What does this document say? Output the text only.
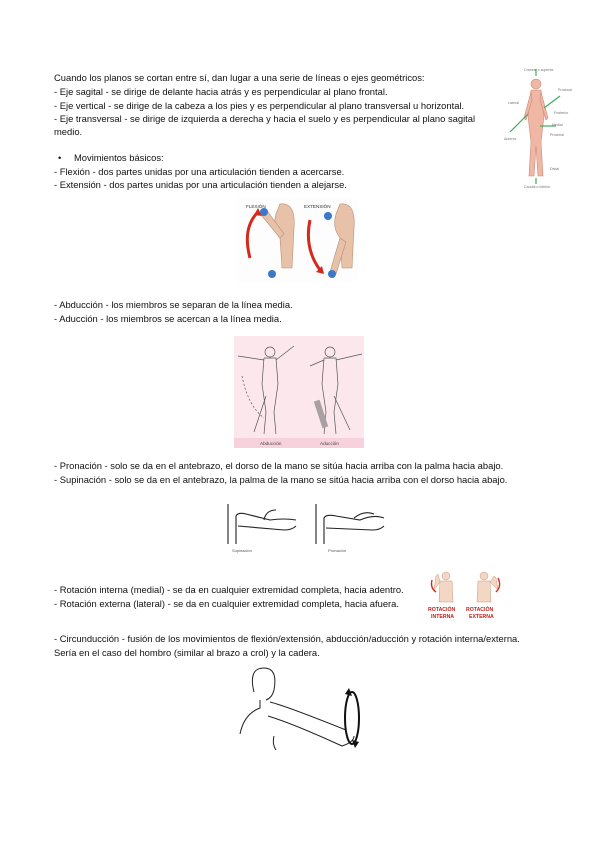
Cuando los planos se cortan entre sí, dan lugar a una serie de líneas o ejes geométricos:
- Eje sagital - se dirige de delante hacia atrás y es perpendicular al plano frontal.
- Eje vertical - se dirige de la cabeza a los pies y es perpendicular al plano transversal u horizontal.
- Eje transversal - se dirige de izquierda a derecha y hacia el suelo y es perpendicular al plano sagital
medio.
Craneal o superior
Proximal
Lateral
Medial
Posterior
Proximal
Anterior
Distal
Caudal o inferior
• Movimientos básicos:
- Flexión - dos partes unidas por una articulación tienden a acercarse.
- Extensión - dos partes unidas por una articulación tienden a alejarse.
FLEXIÓN	EXTENSIÓN
- Abducción - los miembros se separan de la línea media.
- Aducción - los miembros se acercan a la línea media.
Abducción	Aducción
- Pronación - solo se da en el antebrazo, el dorso de la mano se sitúa hacia arriba con la palma hacia abajo.
- Supinación - solo se da en el antebrazo, la palma de la mano se sitúa hacia arriba con el dorso hacia abajo.
Supinación	Pronación
- Rotación interna (medial) - se da en cualquier extremidad completa, hacia adentro.
- Rotación externa (lateral) - se da en cualquier extremidad completa, hacia afuera.
ROTACIÓN
INTERNA
ROTACIÓN
EXTERNA
- Circunducción - fusión de los movimientos de flexión/extensión, abducción/aducción y rotación interna/externa.
Sería en el caso del hombro (similar al brazo a crol) y la cadera.
